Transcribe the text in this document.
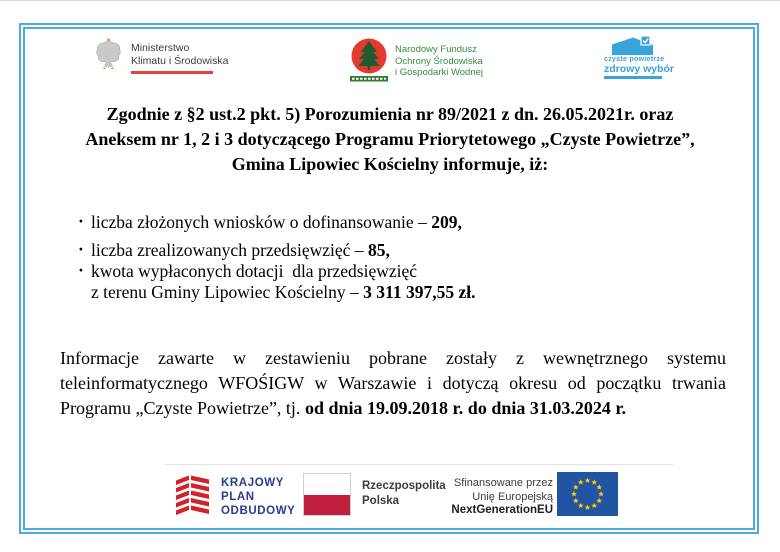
Ministerstwo
Klimatu i Środowiska
Narodowy Fundusz
Ochrony Środowiska
i Gospodarki Wodnej
czyste powietrze
zdrowy wybór
Zgodnie z §2 ust.2 pkt. 5) Porozumienia nr 89/2021 z dn. 26.05.2021r. oraz
Aneksem nr 1, 2 i 3 dotyczącego Programu Priorytetowego „Czyste Powietrze”,
Gmina Lipowiec Kościelny informuje, iż:
· liczba złożonych wniosków o dofinansowanie – 209,
· liczba zrealizowanych przedsięwzięć – 85,
· kwota wypłaconych dotacji  dla przedsięwzięć
z terenu Gminy Lipowiec Kościelny – 3 311 397,55 zł.
Informacje zawarte w zestawieniu pobrane zostały z wewnętrznego systemu teleinformatycznego WFOŚIGW w Warszawie i dotyczą okresu od początku trwania Programu „Czyste Powietrze”, tj. od dnia 19.09.2018 r. do dnia 31.03.2024 r.
KRAJOWY
PLAN
ODBUDOWY
Rzeczpospolita
Polska
Sfinansowane przez
Unię Europejską
NextGenerationEU
